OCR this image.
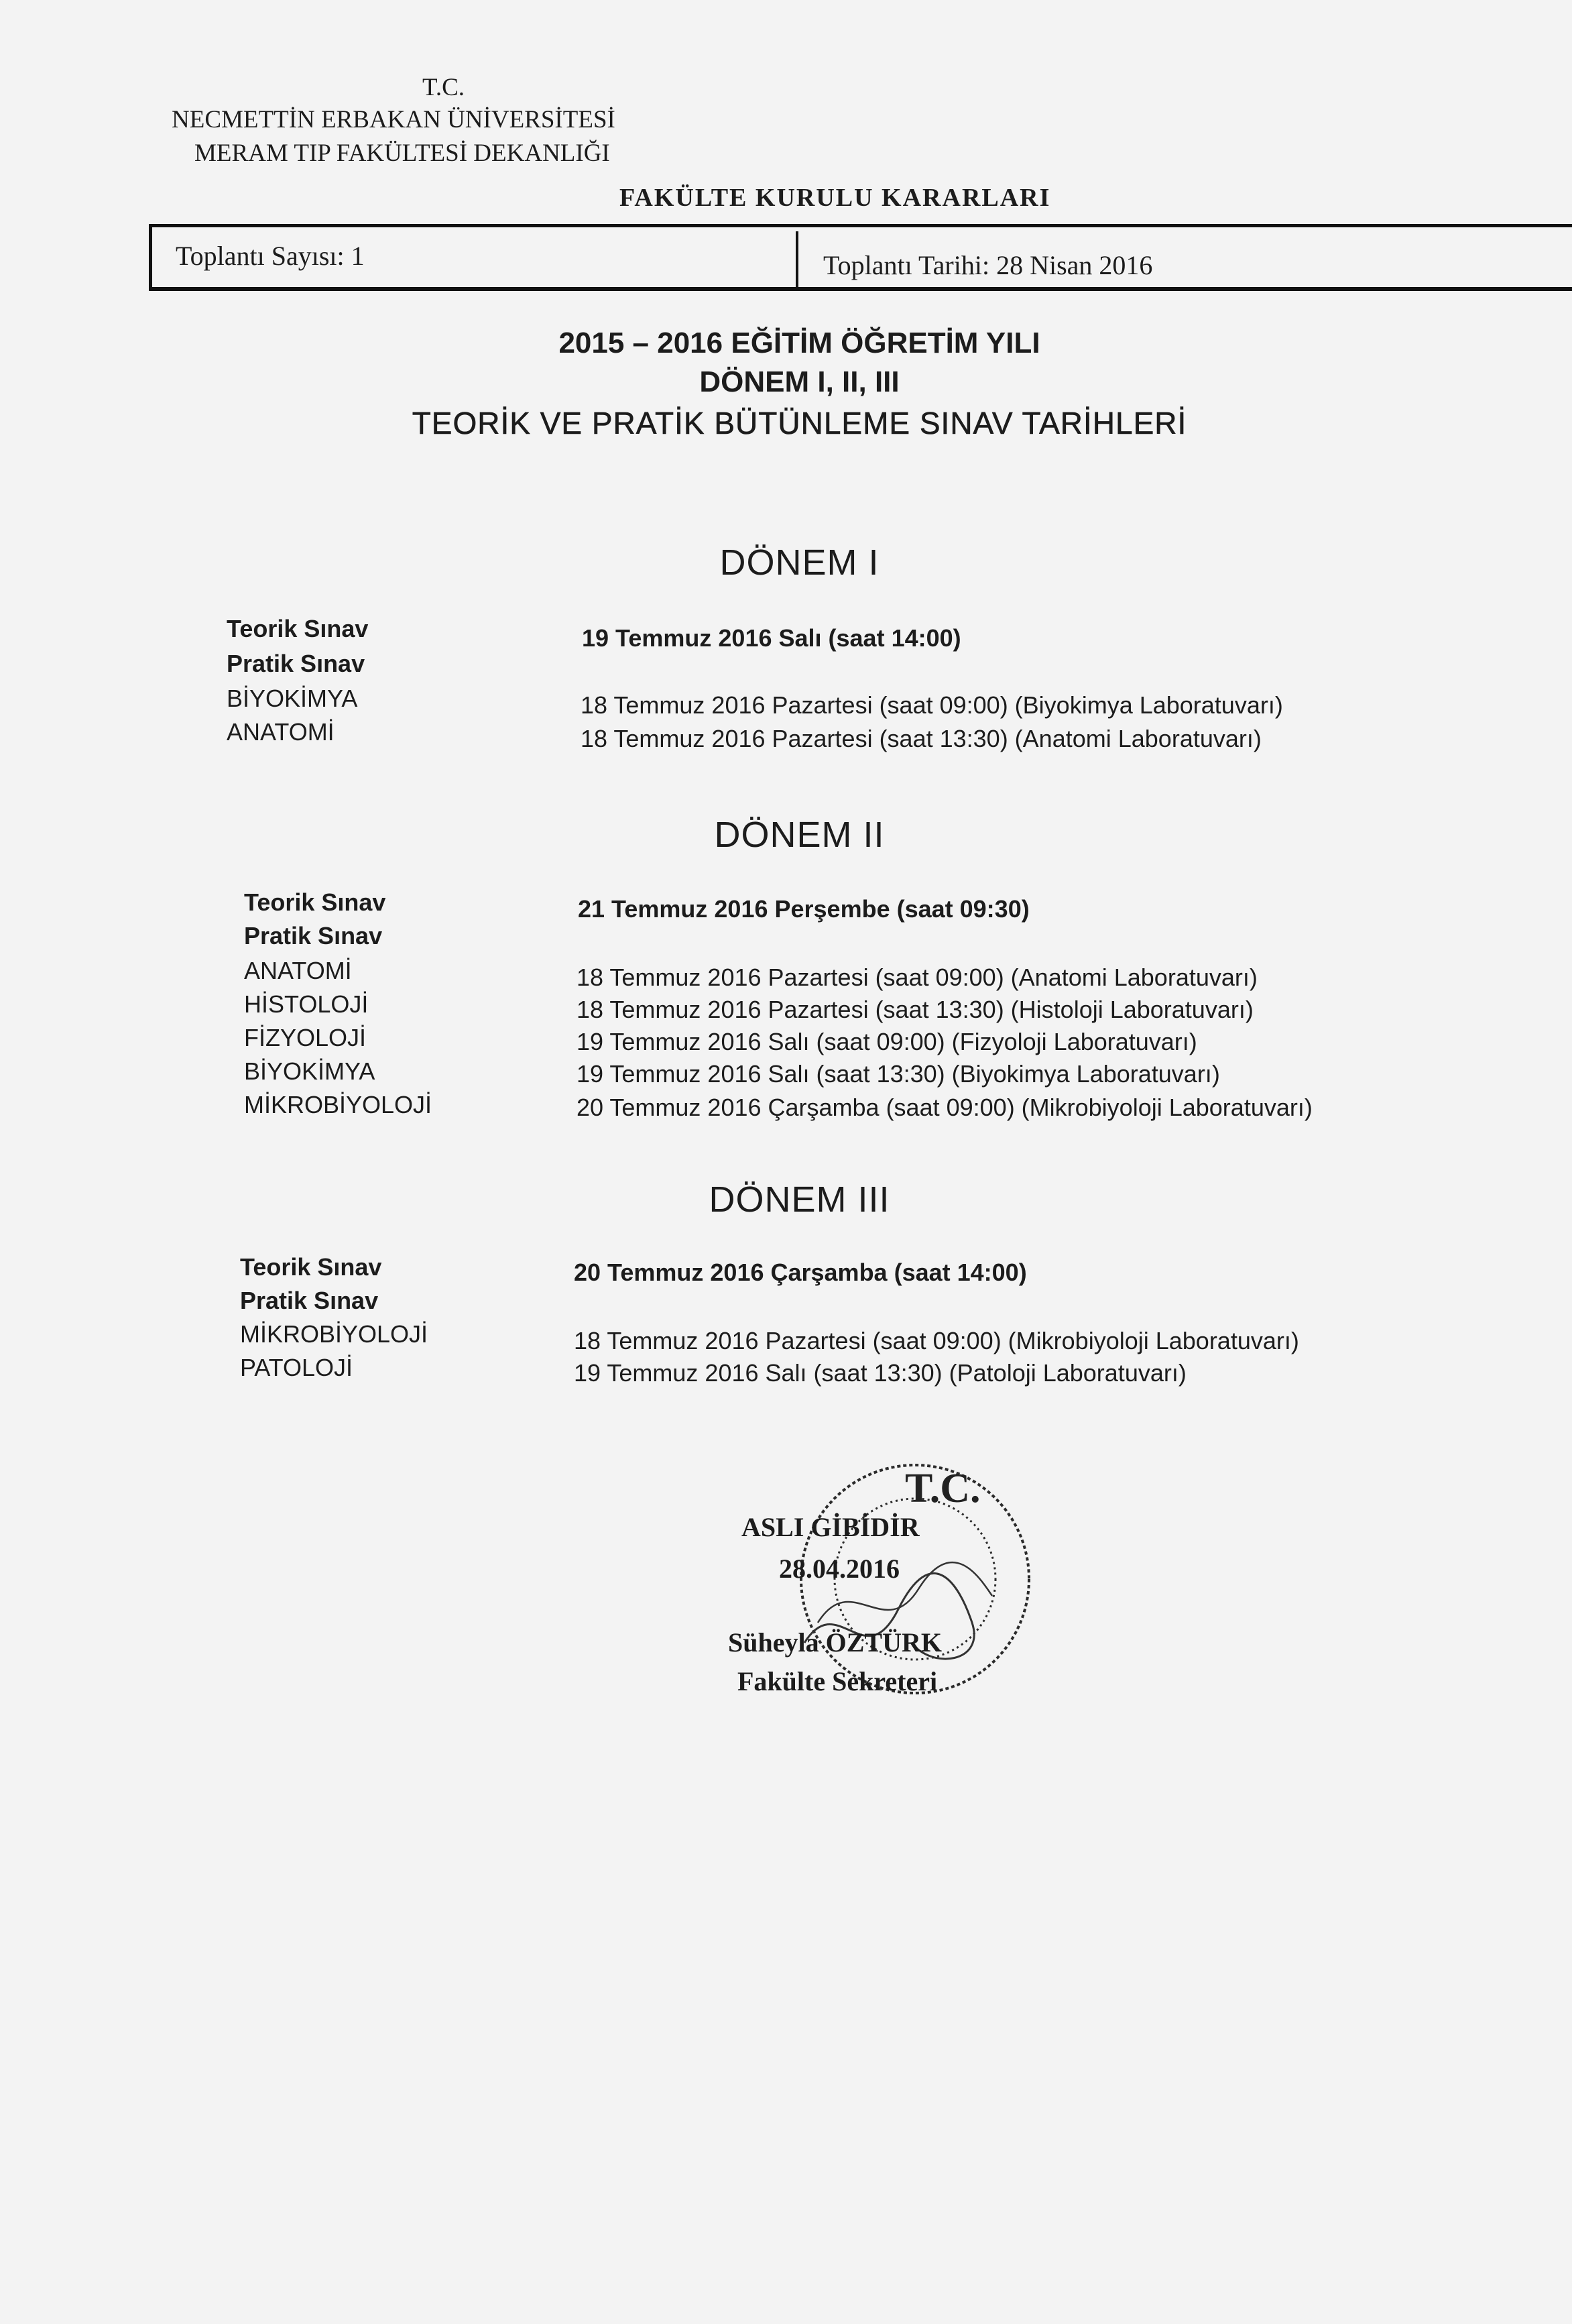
T.C.
NECMETTİN ERBAKAN ÜNİVERSİTESİ
MERAM TIP FAKÜLTESİ DEKANLIĞI
FAKÜLTE KURULU KARARLARI
Toplantı Sayısı: 1	Toplantı Tarihi: 28 Nisan 2016
2015 – 2016 EĞİTİM ÖĞRETİM YILI
DÖNEM I, II, III
TEORİK VE PRATİK BÜTÜNLEME SINAV TARİHLERİ
DÖNEM I
Teorik Sınav	19 Temmuz 2016 Salı (saat 14:00)
Pratik Sınav
BİYOKİMYA	18 Temmuz 2016 Pazartesi (saat 09:00) (Biyokimya Laboratuvarı)
ANATOMİ	18 Temmuz 2016 Pazartesi (saat 13:30) (Anatomi Laboratuvarı)
DÖNEM II
Teorik Sınav	21 Temmuz 2016 Perşembe (saat 09:30)
Pratik Sınav
ANATOMİ	18 Temmuz 2016 Pazartesi (saat 09:00) (Anatomi Laboratuvarı)
HİSTOLOJİ	18 Temmuz 2016 Pazartesi (saat 13:30) (Histoloji Laboratuvarı)
FİZYOLOJİ	19 Temmuz 2016 Salı (saat 09:00) (Fizyoloji Laboratuvarı)
BİYOKİMYA	19 Temmuz 2016 Salı (saat 13:30) (Biyokimya Laboratuvarı)
MİKROBİYOLOJİ	20 Temmuz 2016 Çarşamba (saat 09:00) (Mikrobiyoloji Laboratuvarı)
DÖNEM III
Teorik Sınav	20 Temmuz 2016 Çarşamba (saat 14:00)
Pratik Sınav
MİKROBİYOLOJİ	18 Temmuz 2016 Pazartesi (saat 09:00) (Mikrobiyoloji Laboratuvarı)
PATOLOJİ	19 Temmuz 2016 Salı (saat 13:30) (Patoloji Laboratuvarı)
T.C.
ASLI GİBİDİR
28.04.2016
Süheyla ÖZTÜRK
Fakülte Sekreteri
